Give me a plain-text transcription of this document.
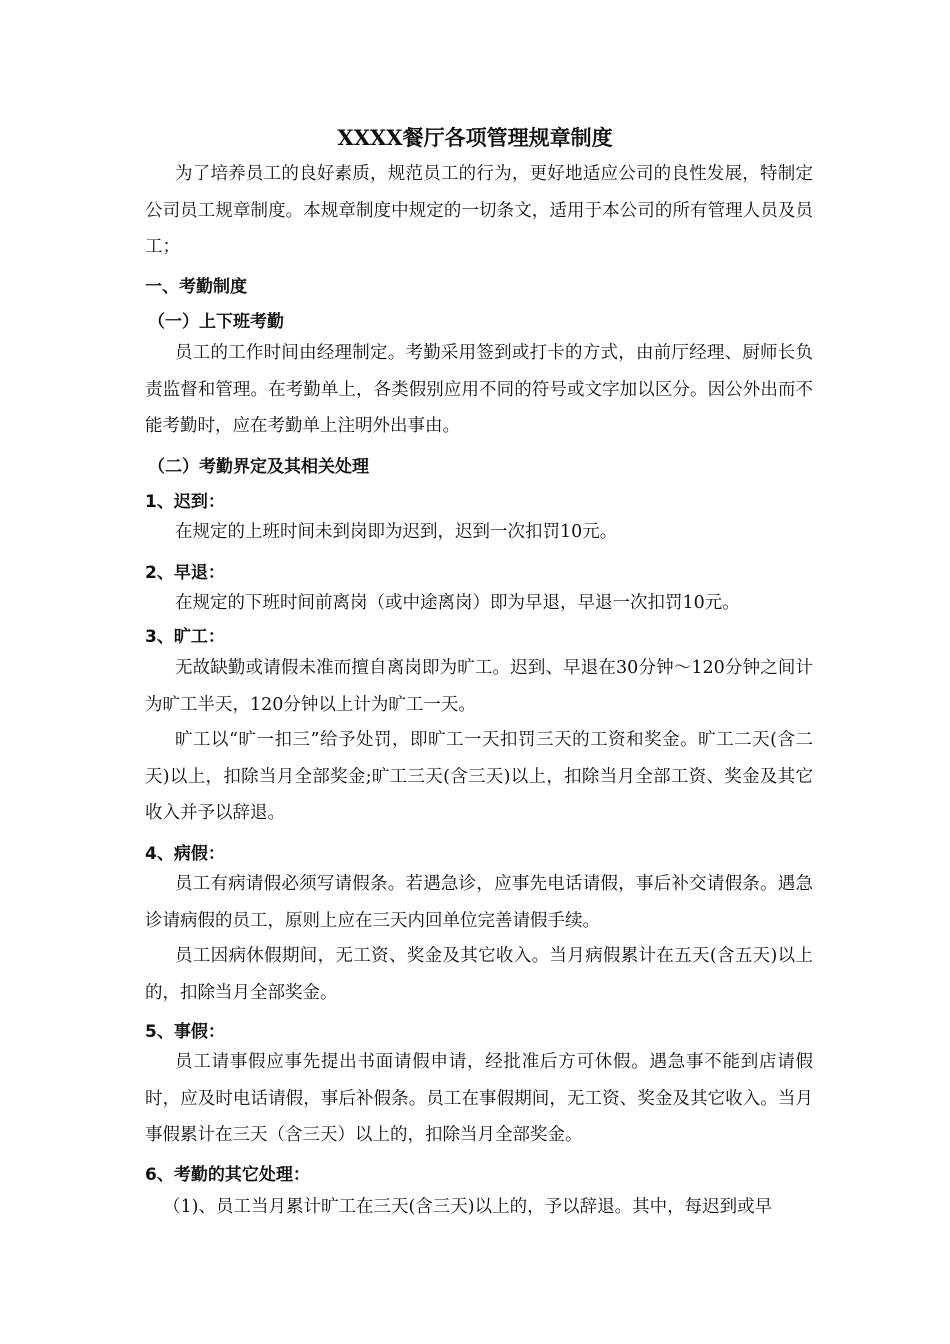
XXXX餐厅各项管理规章制度

为了培养员工的良好素质，规范员工的行为，更好地适应公司的良性发展，特制定公司员工规章制度。本规章制度中规定的一切条文，适用于本公司的所有管理人员及员工；

一、考勤制度

（一）上下班考勤

员工的工作时间由经理制定。考勤采用签到或打卡的方式，由前厅经理、厨师长负责监督和管理。在考勤单上，各类假别应用不同的符号或文字加以区分。因公外出而不能考勤时，应在考勤单上注明外出事由。

（二）考勤界定及其相关处理

1、迟到：

在规定的上班时间未到岗即为迟到，迟到一次扣罚10元。

2、早退：

在规定的下班时间前离岗（或中途离岗）即为早退，早退一次扣罚10元。

3、旷工：

无故缺勤或请假未准而擅自离岗即为旷工。迟到、早退在30分钟～120分钟之间计为旷工半天，120分钟以上计为旷工一天。

旷工以“旷一扣三”给予处罚，即旷工一天扣罚三天的工资和奖金。旷工二天(含二天)以上，扣除当月全部奖金;旷工三天(含三天)以上，扣除当月全部工资、奖金及其它收入并予以辞退。

4、病假：

员工有病请假必须写请假条。若遇急诊，应事先电话请假，事后补交请假条。遇急诊请病假的员工，原则上应在三天内回单位完善请假手续。

员工因病休假期间，无工资、奖金及其它收入。当月病假累计在五天(含五天)以上的，扣除当月全部奖金。

5、事假：

员工请事假应事先提出书面请假申请，经批准后方可休假。遇急事不能到店请假时，应及时电话请假，事后补假条。员工在事假期间，无工资、奖金及其它收入。当月事假累计在三天（含三天）以上的，扣除当月全部奖金。

6、考勤的其它处理：

（1)、员工当月累计旷工在三天(含三天)以上的，予以辞退。其中，每迟到或早
